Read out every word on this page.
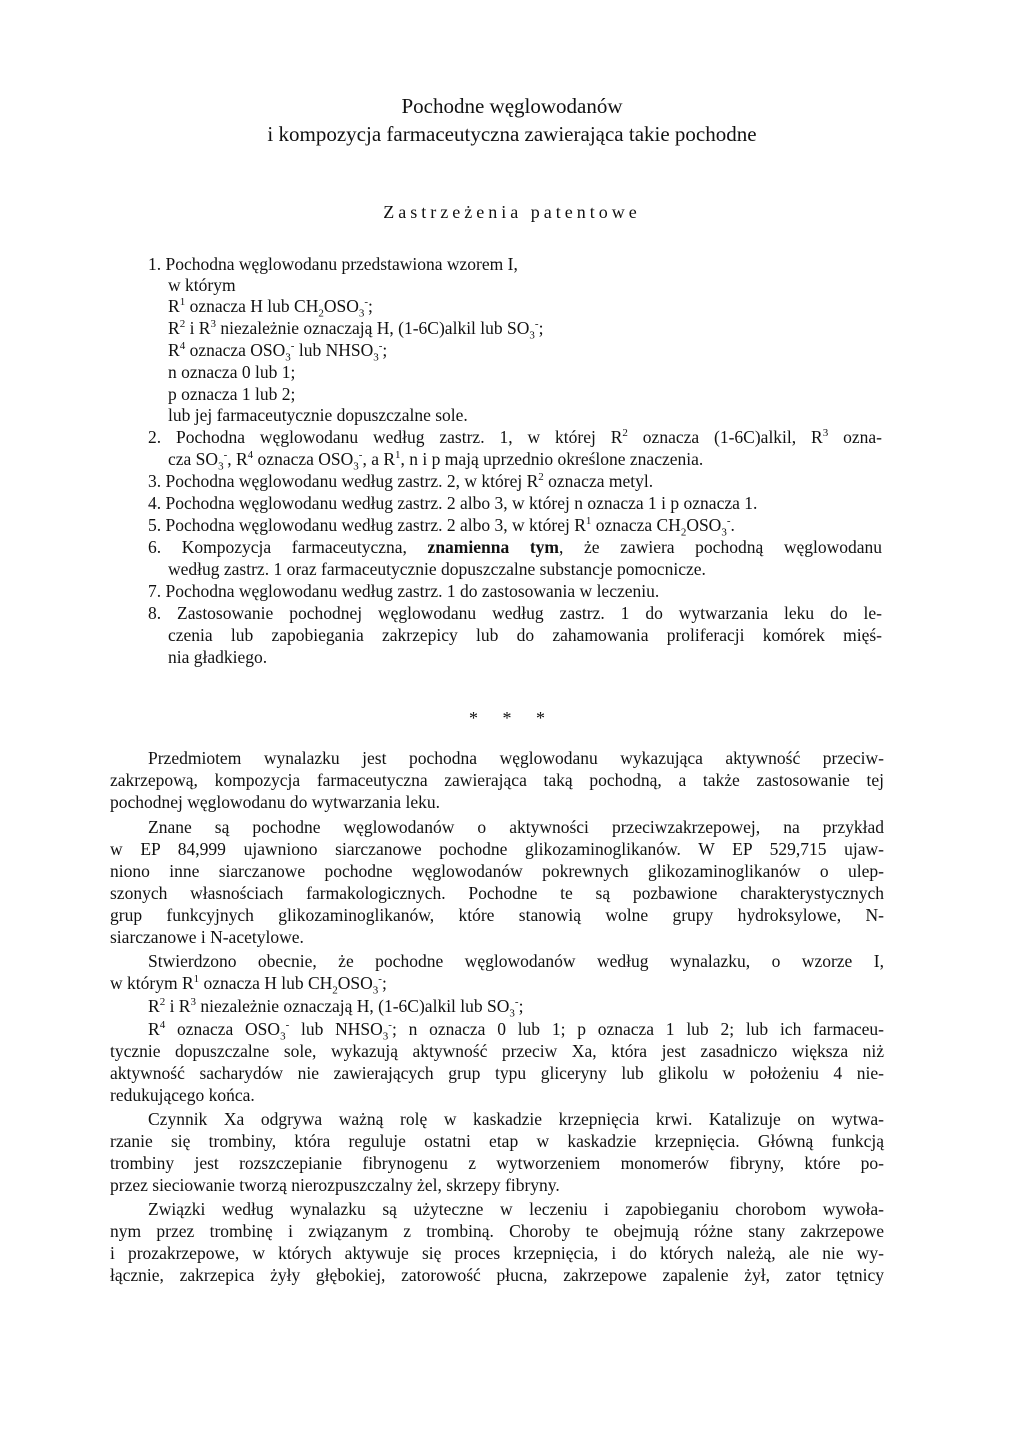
Pochodne węglowodanów
i kompozycja farmaceutyczna zawierająca takie pochodne
Zastrzeżenia patentowe
1. Pochodna węglowodanu przedstawiona wzorem I,
w którym
$R^1$ oznacza H lub $CH_2OSO_3^-$;
$R^2$ i $R^3$ niezależnie oznaczają H, (1-6C)alkil lub $SO_3^-$;
$R^4$ oznacza $OSO_3^-$ lub $NHSO_3^-$;
n oznacza 0 lub 1;
p oznacza 1 lub 2;
lub jej farmaceutycznie dopuszczalne sole.
2. Pochodna węglowodanu według zastrz. 1, w której $R^2$ oznacza (1-6C)alkil, $R^3$ ozna-
cza $SO_3^-$, $R^4$ oznacza $OSO_3^-$, a $R^1$, n i p mają uprzednio określone znaczenia.
3. Pochodna węglowodanu według zastrz. 2, w której $R^2$ oznacza metyl.
4. Pochodna węglowodanu według zastrz. 2 albo 3, w której n oznacza 1 i p oznacza 1.
5. Pochodna węglowodanu według zastrz. 2 albo 3, w której $R^1$ oznacza $CH_2OSO_3^-$.
6. Kompozycja farmaceutyczna, znamienna tym, że zawiera pochodną węglowodanu
według zastrz. 1 oraz farmaceutycznie dopuszczalne substancje pomocnicze.
7. Pochodna węglowodanu według zastrz. 1 do zastosowania w leczeniu.
8. Zastosowanie pochodnej węglowodanu według zastrz. 1 do wytwarzania leku do le-
czenia lub zapobiegania zakrzepicy lub do zahamowania proliferacji komórek mięś-
nia gładkiego.
* * *
Przedmiotem wynalazku jest pochodna węglowodanu wykazująca aktywność przeciw-
zakrzepową, kompozycja farmaceutyczna zawierająca taką pochodną, a także zastosowanie tej
pochodnej węglowodanu do wytwarzania leku.
Znane są pochodne węglowodanów o aktywności przeciwzakrzepowej, na przykład
w EP 84,999 ujawniono siarczanowe pochodne glikozaminoglikanów. W EP 529,715 ujaw-
niono inne siarczanowe pochodne węglowodanów pokrewnych glikozaminoglikanów o ulep-
szonych własnościach farmakologicznych. Pochodne te są pozbawione charakterystycznych
grup funkcyjnych glikozaminoglikanów, które stanowią wolne grupy hydroksylowe, N-
siarczanowe i N-acetylowe.
Stwierdzono obecnie, że pochodne węglowodanów według wynalazku, o wzorze I,
w którym $R^1$ oznacza H lub $CH_2OSO_3^-$;
$R^2$ i $R^3$ niezależnie oznaczają H, (1-6C)alkil lub $SO_3^-$;
$R^4$ oznacza $OSO_3^-$ lub $NHSO_3^-$; n oznacza 0 lub 1; p oznacza 1 lub 2; lub ich farmaceu-
tycznie dopuszczalne sole, wykazują aktywność przeciw Xa, która jest zasadniczo większa niż
aktywność sacharydów nie zawierających grup typu gliceryny lub glikolu w położeniu 4 nie-
redukującego końca.
Czynnik Xa odgrywa ważną rolę w kaskadzie krzepnięcia krwi. Katalizuje on wytwa-
rzanie się trombiny, która reguluje ostatni etap w kaskadzie krzepnięcia. Główną funkcją
trombiny jest rozszczepianie fibrynogenu z wytworzeniem monomerów fibryny, które po-
przez sieciowanie tworzą nierozpuszczalny żel, skrzepy fibryny.
Związki według wynalazku są użyteczne w leczeniu i zapobieganiu chorobom wywoła-
nym przez trombinę i związanym z trombiną. Choroby te obejmują różne stany zakrzepowe
i prozakrzepowe, w których aktywuje się proces krzepnięcia, i do których należą, ale nie wy-
łącznie, zakrzepica żyły głębokiej, zatorowość płucna, zakrzepowe zapalenie żył, zator tętnicy
